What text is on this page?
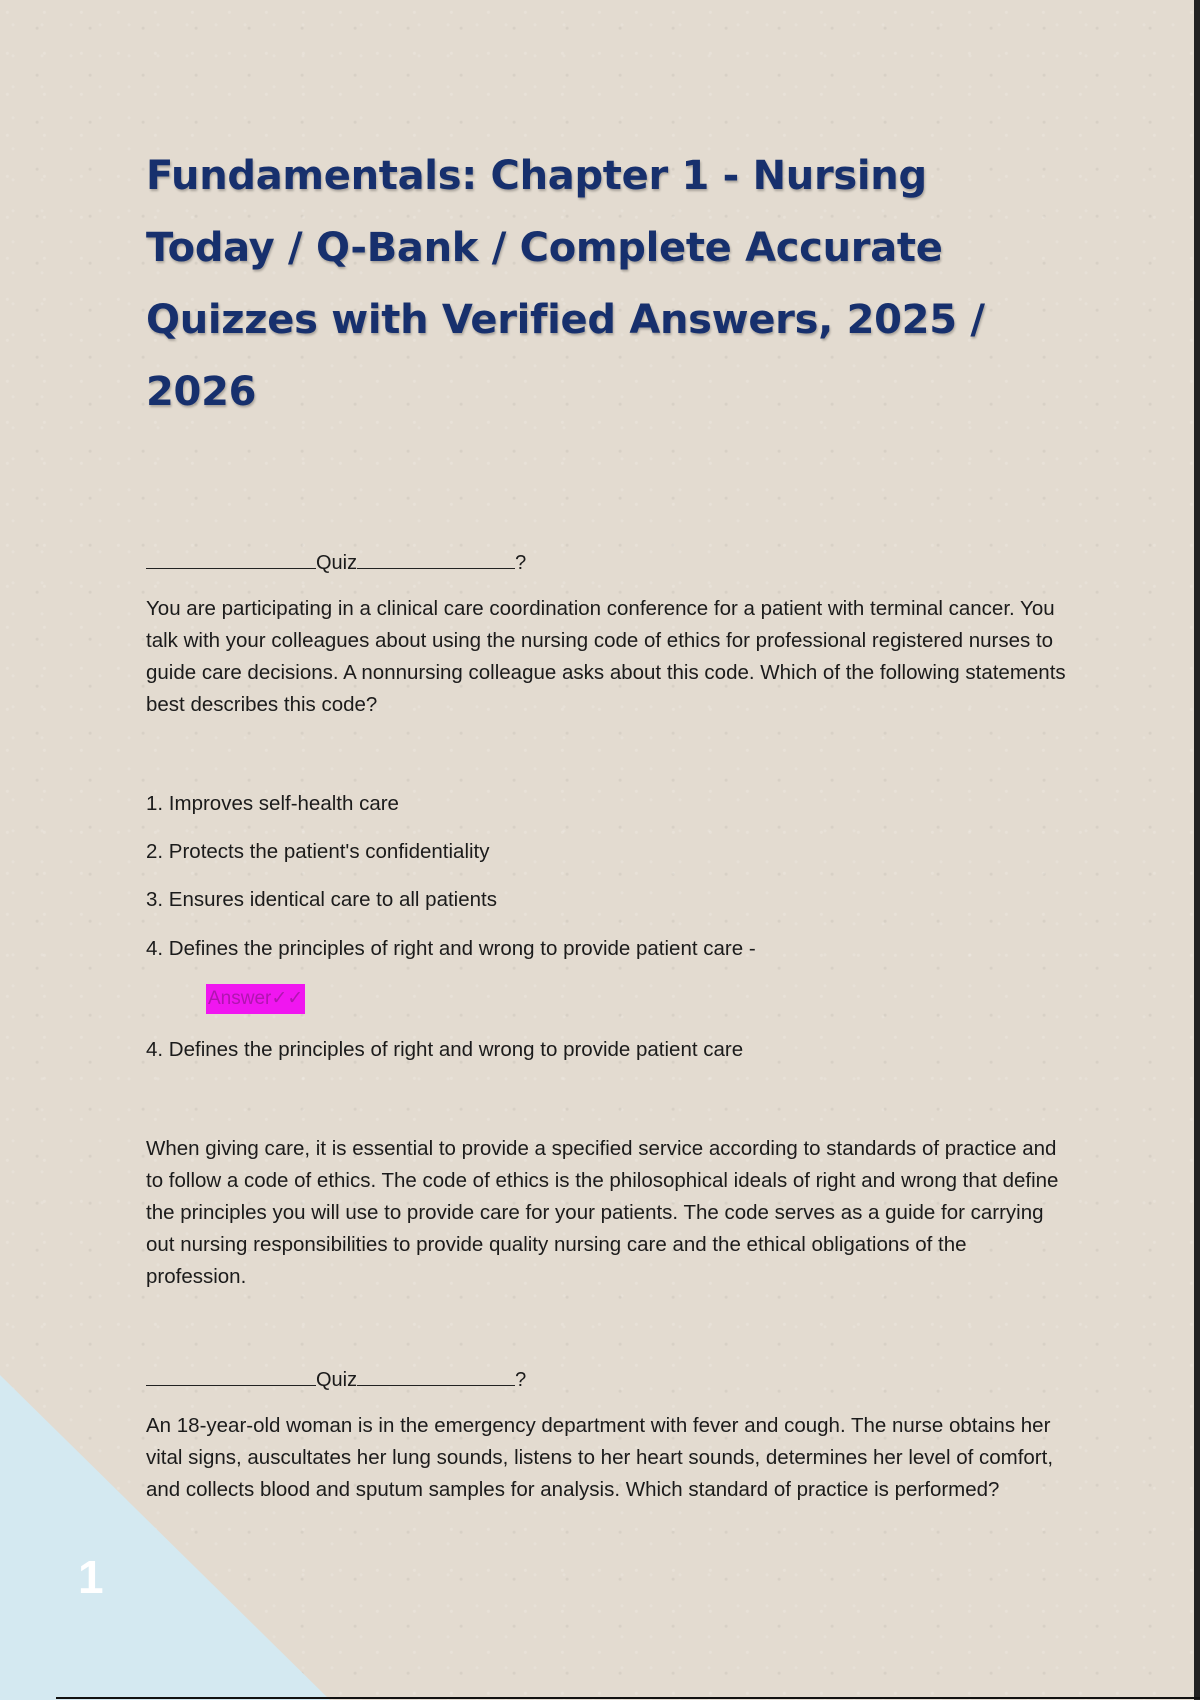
1
Fundamentals: Chapter 1 - Nursing Today / Q-Bank / Complete Accurate Quizzes with Verified Answers, 2025 / 2026
Quiz	?

You are participating in a clinical care coordination conference for a patient with terminal cancer. You talk with your colleagues about using the nursing code of ethics for professional registered nurses to guide care decisions. A nonnursing colleague asks about this code. Which of the following statements best describes this code?

1. Improves self-health care

2. Protects the patient's confidentiality

3. Ensures identical care to all patients

4. Defines the principles of right and wrong to provide patient care -

Answer✓✓

4. Defines the principles of right and wrong to provide patient care

When giving care, it is essential to provide a specified service according to standards of practice and to follow a code of ethics. The code of ethics is the philosophical ideals of right and wrong that define the principles you will use to provide care for your patients. The code serves as a guide for carrying out nursing responsibilities to provide quality nursing care and the ethical obligations of the profession.

Quiz	?

An 18-year-old woman is in the emergency department with fever and cough. The nurse obtains her vital signs, auscultates her lung sounds, listens to her heart sounds, determines her level of comfort, and collects blood and sputum samples for analysis. Which standard of practice is performed?
